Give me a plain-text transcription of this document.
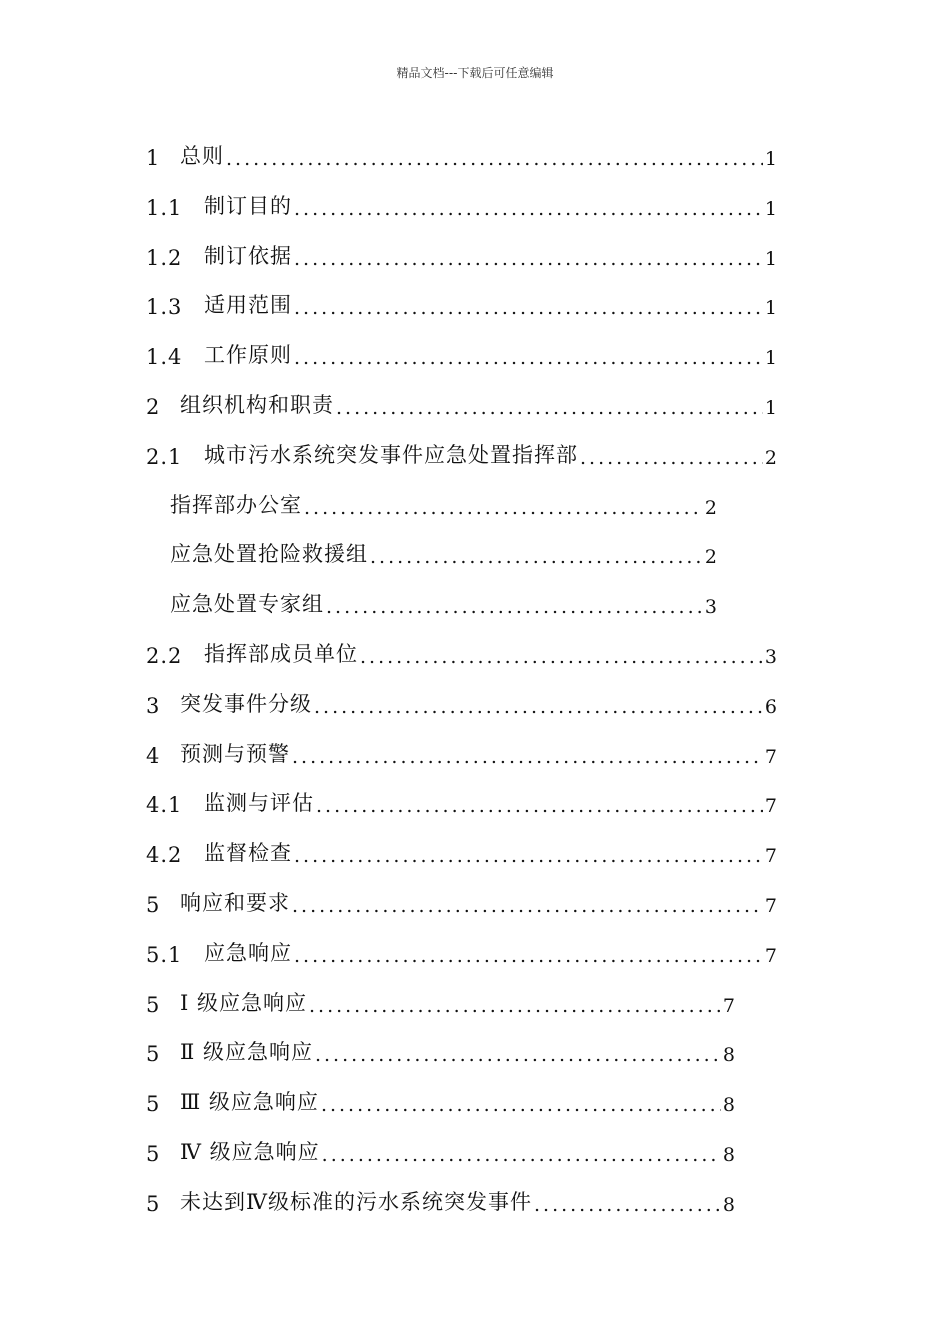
精品文档---下载后可任意编辑
1 总则 .....	1
1.1	制订目的 .....	1
1.2	制订依据 .....	1
1.3	适用范围 .....	1
1.4	工作原则 .....	1
2 组织机构和职责 .....	1
2.1	城市污水系统突发事件应急处置指挥部 .....	2
指挥部办公室 .....	2
应急处置抢险救援组 .....	2
应急处置专家组 .....	3
2.2	指挥部成员单位 .....	3
3 突发事件分级 .....	6
4 预测与预警 .....	7
4.1	监测与评估 .....	7
4.2	监督检查 .....	7
5 响应和要求 .....	7
5.1	应急响应 .....	7
5 Ⅰ 级应急响应 .....	7
5 Ⅱ 级应急响应 .....	8
5 Ⅲ 级应急响应 .....	8
5 Ⅳ 级应急响应 .....	8
5 未达到Ⅳ级标准的污水系统突发事件 .....	8
